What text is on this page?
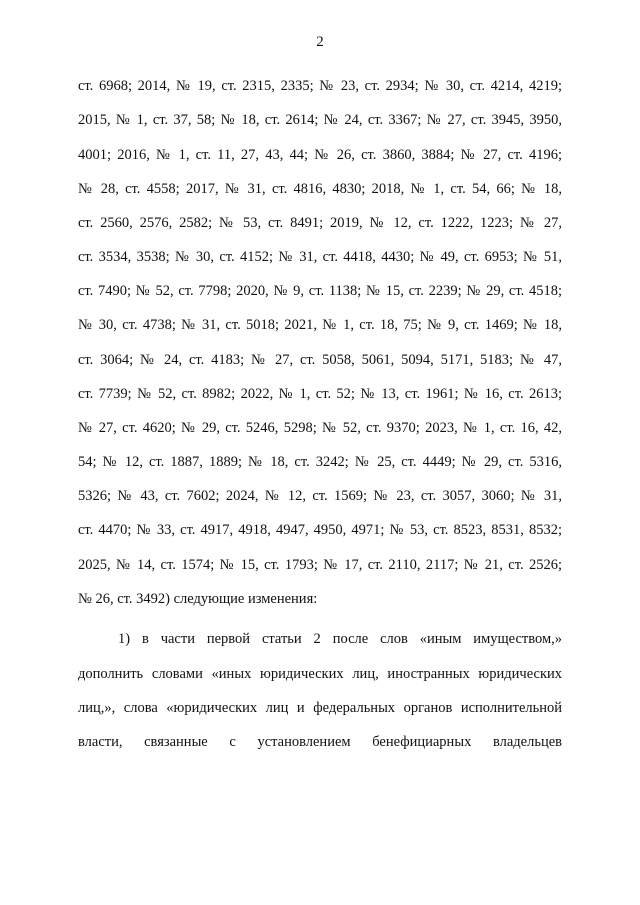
2
ст. 6968; 2014, № 19, ст. 2315, 2335; № 23, ст. 2934; № 30, ст. 4214, 4219;
2015, № 1, ст. 37, 58; № 18, ст. 2614; № 24, ст. 3367; № 27, ст. 3945, 3950,
4001; 2016, № 1, ст. 11, 27, 43, 44; № 26, ст. 3860, 3884; № 27, ст. 4196;
№ 28, ст. 4558; 2017, № 31, ст. 4816, 4830; 2018, № 1, ст. 54, 66; № 18,
ст. 2560, 2576, 2582; № 53, ст. 8491; 2019, № 12, ст. 1222, 1223; № 27,
ст. 3534, 3538; № 30, ст. 4152; № 31, ст. 4418, 4430; № 49, ст. 6953; № 51,
ст. 7490; № 52, ст. 7798; 2020, № 9, ст. 1138; № 15, ст. 2239; № 29, ст. 4518;
№ 30, ст. 4738; № 31, ст. 5018; 2021, № 1, ст. 18, 75; № 9, ст. 1469; № 18,
ст. 3064; № 24, ст. 4183; № 27, ст. 5058, 5061, 5094, 5171, 5183; № 47,
ст. 7739; № 52, ст. 8982; 2022, № 1, ст. 52; № 13, ст. 1961; № 16, ст. 2613;
№ 27, ст. 4620; № 29, ст. 5246, 5298; № 52, ст. 9370; 2023, № 1, ст. 16, 42,
54; № 12, ст. 1887, 1889; № 18, ст. 3242; № 25, ст. 4449; № 29, ст. 5316,
5326; № 43, ст. 7602; 2024, № 12, ст. 1569; № 23, ст. 3057, 3060; № 31,
ст. 4470; № 33, ст. 4917, 4918, 4947, 4950, 4971; № 53, ст. 8523, 8531, 8532;
2025, № 14, ст. 1574; № 15, ст. 1793; № 17, ст. 2110, 2117; № 21, ст. 2526;
№ 26, ст. 3492) следующие изменения:
1) в части первой статьи 2 после слов «иным имуществом,»
дополнить словами «иных юридических лиц, иностранных юридических
лиц,», слова «юридических лиц и федеральных органов исполнительной
власти, связанные с установлением бенефициарных владельцев
